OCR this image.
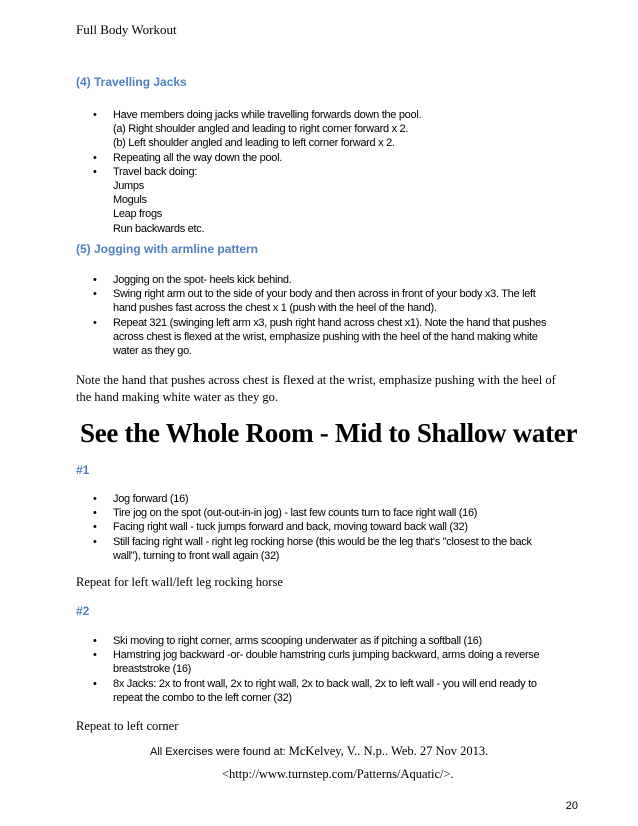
Full Body Workout
(4) Travelling Jacks
• Have members doing jacks while travelling forwards down the pool.
(a) Right shoulder angled and leading to right corner forward x 2.
(b) Left shoulder angled and leading to left corner forward x 2.
• Repeating all the way down the pool.
• Travel back doing:
Jumps
Moguls
Leap frogs
Run backwards etc.
(5) Jogging with armline pattern
• Jogging on the spot- heels kick behind.
• Swing right arm out to the side of your body and then across in front of your body x3. The left hand pushes fast across the chest x 1 (push with the heel of the hand).
• Repeat 321 (swinging left arm x3, push right hand across chest x1). Note the hand that pushes across chest is flexed at the wrist, emphasize pushing with the heel of the hand making white water as they go.
Note the hand that pushes across chest is flexed at the wrist, emphasize pushing with the heel of the hand making white water as they go.
See the Whole Room - Mid to Shallow water
#1
• Jog forward (16)
• Tire jog on the spot (out-out-in-in jog) - last few counts turn to face right wall (16)
• Facing right wall - tuck jumps forward and back, moving toward back wall (32)
• Still facing right wall - right leg rocking horse (this would be the leg that's "closest to the back wall"), turning to front wall again (32)
Repeat for left wall/left leg rocking horse
#2
• Ski moving to right corner, arms scooping underwater as if pitching a softball (16)
• Hamstring jog backward -or- double hamstring curls jumping backward, arms doing a reverse breaststroke (16)
• 8x Jacks: 2x to front wall, 2x to right wall, 2x to back wall, 2x to left wall - you will end ready to repeat the combo to the left corner (32)
Repeat to left corner
All Exercises were found at: McKelvey, V.. N.p.. Web. 27 Nov 2013.
<http://www.turnstep.com/Patterns/Aquatic/>.
20
